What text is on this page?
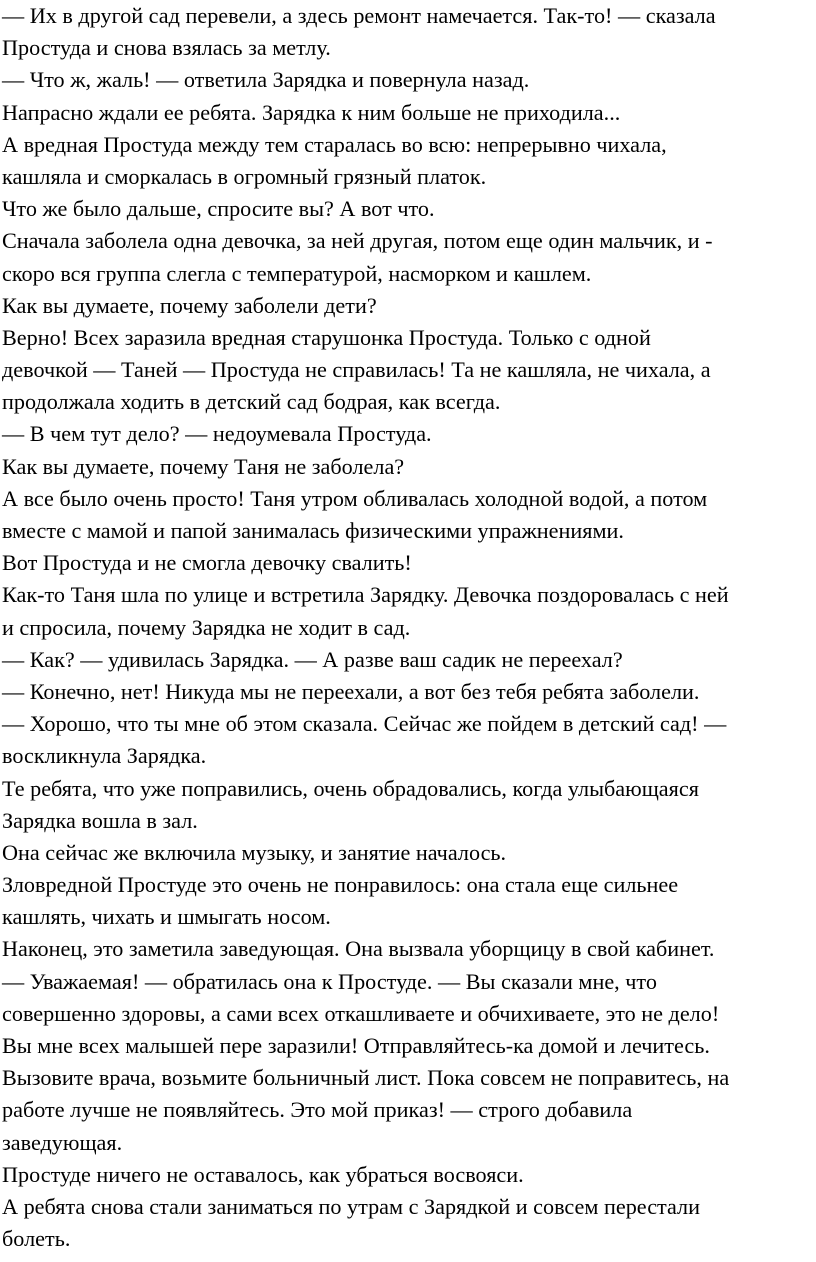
— Их в другой сад перевели, а здесь ремонт намечается. Так-то! — сказала
Простуда и снова взялась за метлу.

— Что ж, жаль! — ответила Зарядка и повернула назад.

Напрасно ждали ее ребята. Зарядка к ним больше не приходила...

А вредная Простуда между тем старалась во всю: непрерывно чихала,
кашляла и сморкалась в огромный грязный платок.

Что же было дальше, спросите вы? А вот что.

Сначала заболела одна девочка, за ней другая, потом еще один мальчик, и -
скоро вся группа слегла с температурой, насморком и кашлем.

Как вы думаете, почему заболели дети?

Верно! Всех заразила вредная старушонка Простуда. Только с одной
девочкой — Таней — Простуда не справилась! Та не кашляла, не чихала, а
продолжала ходить в детский сад бодрая, как всегда.

— В чем тут дело? — недоумевала Простуда.

Как вы думаете, почему Таня не заболела?

А все было очень просто! Таня утром обливалась холодной водой, а потом
вместе с мамой и папой занималась физическими упражнениями.

Вот Простуда и не смогла девочку свалить!

Как-то Таня шла по улице и встретила Зарядку. Девочка поздоровалась с ней
и спросила, почему Зарядка не ходит в сад.

— Как? — удивилась Зарядка. — А разве ваш садик не переехал?

— Конечно, нет! Никуда мы не переехали, а вот без тебя ребята заболели.

— Хорошо, что ты мне об этом сказала. Сейчас же пойдем в детский сад! —
воскликнула Зарядка.

Те ребята, что уже поправились, очень обрадовались, когда улыбающаяся
Зарядка вошла в зал.

Она сейчас же включила музыку, и занятие началось.

Зловредной Простуде это очень не понравилось: она стала еще сильнее
кашлять, чихать и шмыгать носом.

Наконец, это заметила заведующая. Она вызвала уборщицу в свой кабинет.

— Уважаемая! — обратилась она к Простуде. — Вы сказали мне, что
совершенно здоровы, а сами всех откашливаете и обчихиваете, это не дело!
Вы мне всех малышей пере заразили! Отправляйтесь-ка домой и лечитесь.
Вызовите врача, возьмите больничный лист. Пока совсем не поправитесь, на
работе лучше не появляйтесь. Это мой приказ! — строго добавила
заведующая.

Простуде ничего не оставалось, как убраться восвояси.

А ребята снова стали заниматься по утрам с Зарядкой и совсем перестали
болеть.
